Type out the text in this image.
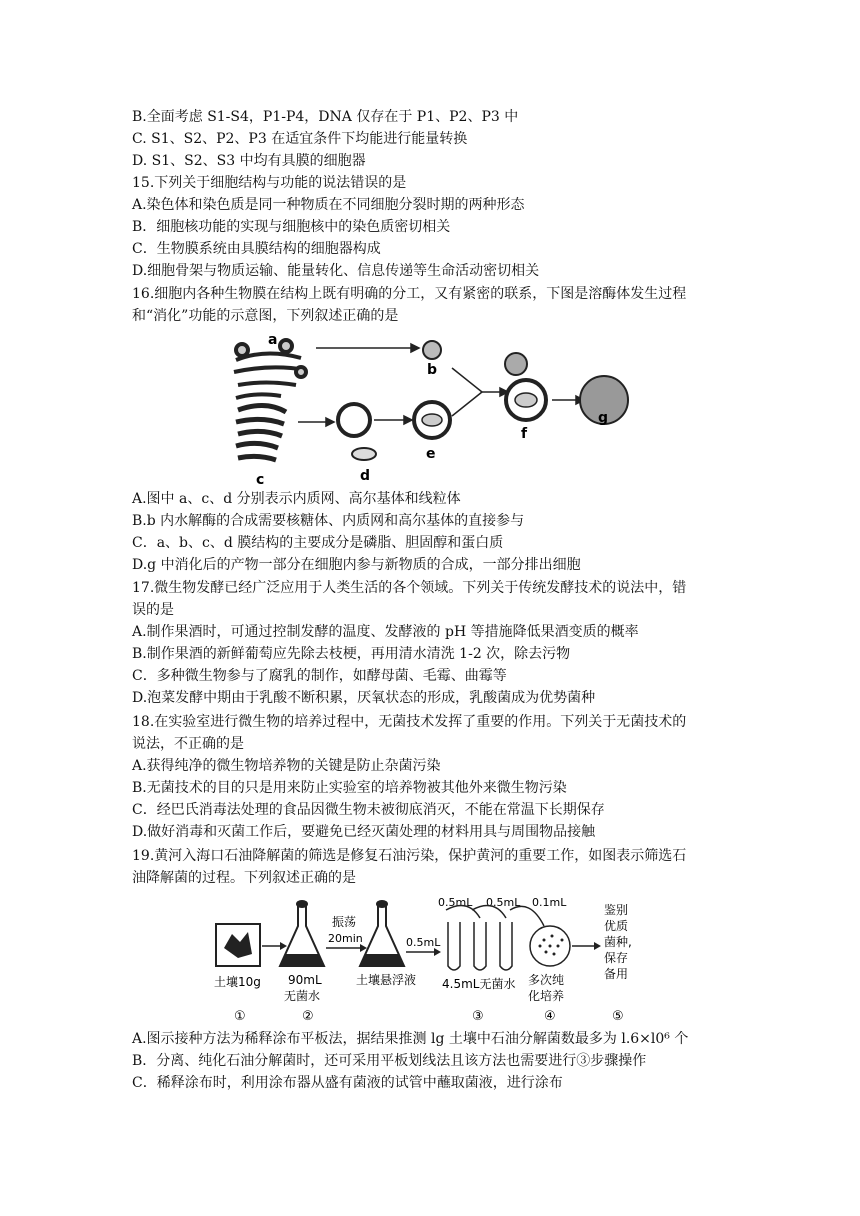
B.全面考虑 S1-S4，P1-P4，DNA 仅存在于 P1、P2、P3 中
C. S1、S2、P2、P3 在适宜条件下均能进行能量转换
D. S1、S2、S3 中均有具膜的细胞器
15.下列关于细胞结构与功能的说法错误的是
A.染色体和染色质是同一种物质在不同细胞分裂时期的两种形态
B．细胞核功能的实现与细胞核中的染色质密切相关
C．生物膜系统由具膜结构的细胞器构成
D.细胞骨架与物质运输、能量转化、信息传递等生命活动密切相关
16.细胞内各种生物膜在结构上既有明确的分工，又有紧密的联系，下图是溶酶体发生过程
和“消化”功能的示意图，下列叙述正确的是
a
c
b
d
e
f
g
A.图中 a、c、d 分别表示内质网、高尔基体和线粒体
B.b 内水解酶的合成需要核糖体、内质网和高尔基体的直接参与
C．a、b、c、d 膜结构的主要成分是磷脂、胆固醇和蛋白质
D.g 中消化后的产物一部分在细胞内参与新物质的合成，一部分排出细胞
17.微生物发酵已经广泛应用于人类生活的各个领域。下列关于传统发酵技术的说法中，错
误的是
A.制作果酒时，可通过控制发酵的温度、发酵液的 pH 等措施降低果酒变质的概率
B.制作果酒的新鲜葡萄应先除去枝梗，再用清水清洗 1-2 次，除去污物
C．多种微生物参与了腐乳的制作，如酵母菌、毛霉、曲霉等
D.泡菜发酵中期由于乳酸不断积累，厌氧状态的形成，乳酸菌成为优势菌种
18.在实验室进行微生物的培养过程中，无菌技术发挥了重要的作用。下列关于无菌技术的
说法，不正确的是
A.获得纯净的微生物培养物的关键是防止杂菌污染
B.无菌技术的目的只是用来防止实验室的培养物被其他外来微生物污染
C．经巴氏消毒法处理的食品因微生物未被彻底消灭，不能在常温下长期保存
D.做好消毒和灭菌工作后，要避免已经灭菌处理的材料用具与周围物品接触
19.黄河入海口石油降解菌的筛选是修复石油污染，保护黄河的重要工作，如图表示筛选石
油降解菌的过程。下列叙述正确的是
土壤10g
①
90mL
无菌水
②
振荡
20min
土壤悬浮液
0.5mL
0.5mL 0.5mL 0.1mL
4.5mL无菌水
③
多次纯
化培养
④
鉴别
优质
菌种,
保存
备用
⑤
A.图示接种方法为稀释涂布平板法，据结果推测 lg 土壤中石油分解菌数最多为 l.6×l0⁶ 个
B．分离、纯化石油分解菌时，还可采用平板划线法且该方法也需要进行③步骤操作
C．稀释涂布时，利用涂布器从盛有菌液的试管中蘸取菌液，进行涂布
